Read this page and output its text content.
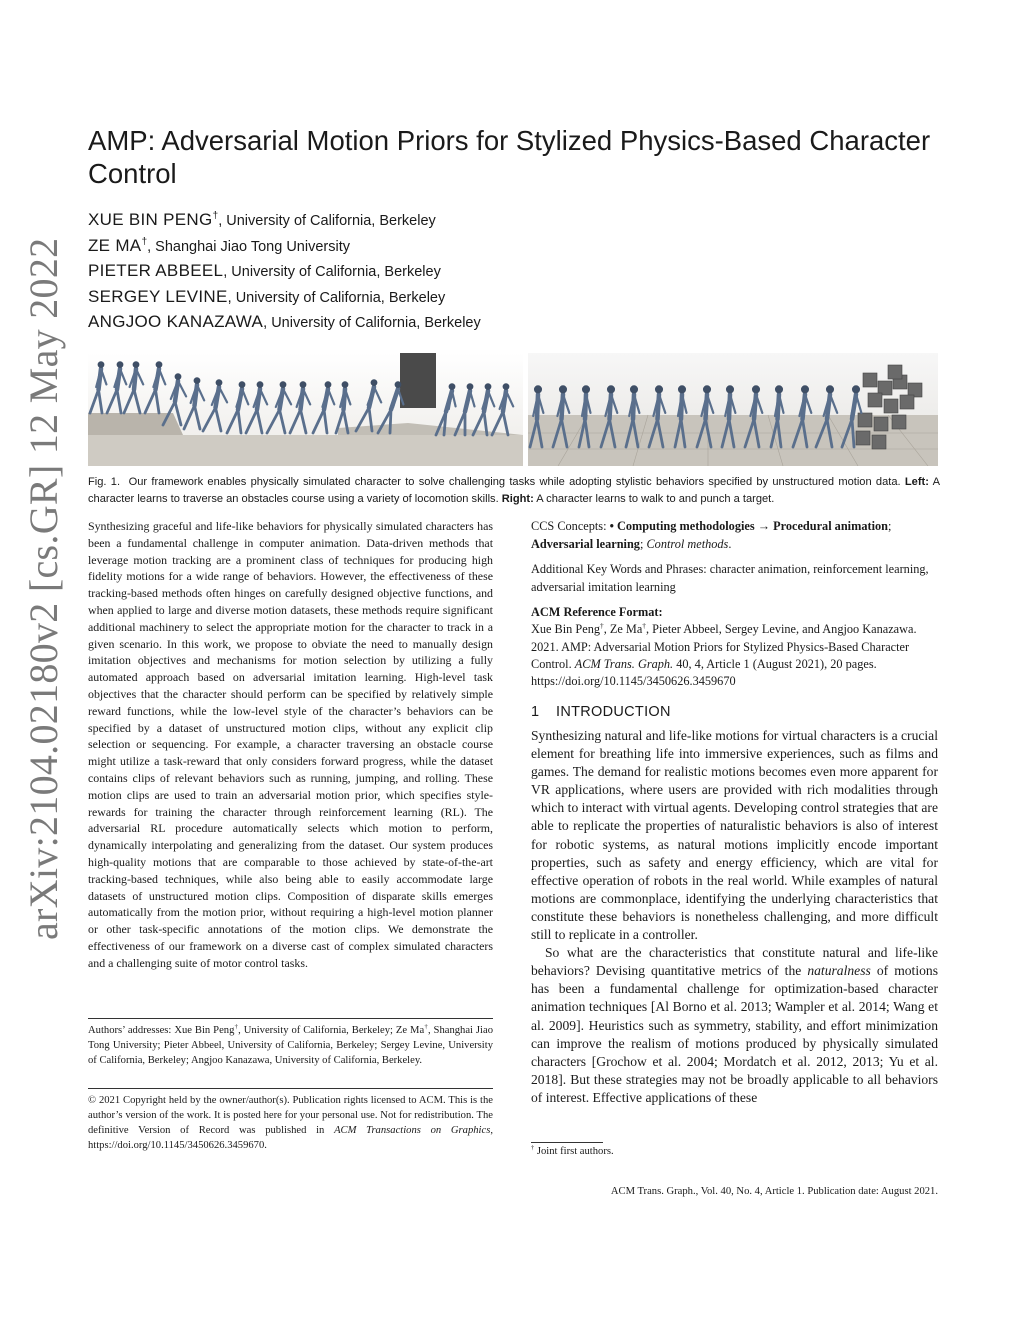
arXiv:2104.02180v2 [cs.GR] 12 May 2022
AMP: Adversarial Motion Priors for Stylized Physics-Based Character Control
XUE BIN PENG†, University of California, Berkeley
ZE MA†, Shanghai Jiao Tong University
PIETER ABBEEL, University of California, Berkeley
SERGEY LEVINE, University of California, Berkeley
ANGJOO KANAZAWA, University of California, Berkeley
Fig. 1. Our framework enables physically simulated character to solve challenging tasks while adopting stylistic behaviors specified by unstructured motion data. Left: A character learns to traverse an obstacles course using a variety of locomotion skills. Right: A character learns to walk to and punch a target.
Synthesizing graceful and life-like behaviors for physically simulated characters has been a fundamental challenge in computer animation. Data-driven methods that leverage motion tracking are a prominent class of techniques for producing high fidelity motions for a wide range of behaviors. However, the effectiveness of these tracking-based methods often hinges on carefully designed objective functions, and when applied to large and diverse motion datasets, these methods require significant additional machinery to select the appropriate motion for the character to track in a given scenario. In this work, we propose to obviate the need to manually design imitation objectives and mechanisms for motion selection by utilizing a fully automated approach based on adversarial imitation learning. High-level task objectives that the character should perform can be specified by relatively simple reward functions, while the low-level style of the character’s behaviors can be specified by a dataset of unstructured motion clips, without any explicit clip selection or sequencing. For example, a character traversing an obstacle course might utilize a task-reward that only considers forward progress, while the dataset contains clips of relevant behaviors such as running, jumping, and rolling. These motion clips are used to train an adversarial motion prior, which specifies style-rewards for training the character through reinforcement learning (RL). The adversarial RL procedure automatically selects which motion to perform, dynamically interpolating and generalizing from the dataset. Our system produces high-quality motions that are comparable to those achieved by state-of-the-art tracking-based techniques, while also being able to easily accommodate large datasets of unstructured motion clips. Composition of disparate skills emerges automatically from the motion prior, without requiring a high-level motion planner or other task-specific annotations of the motion clips. We demonstrate the effectiveness of our framework on a diverse cast of complex simulated characters and a challenging suite of motor control tasks.
Authors’ addresses: Xue Bin Peng†, University of California, Berkeley; Ze Ma†, Shanghai Jiao Tong University; Pieter Abbeel, University of California, Berkeley; Sergey Levine, University of California, Berkeley; Angjoo Kanazawa, University of California, Berkeley.
© 2021 Copyright held by the owner/author(s). Publication rights licensed to ACM. This is the author’s version of the work. It is posted here for your personal use. Not for redistribution. The definitive Version of Record was published in ACM Transactions on Graphics, https://doi.org/10.1145/3450626.3459670.
CCS Concepts: • Computing methodologies → Procedural animation; Adversarial learning; Control methods.
Additional Key Words and Phrases: character animation, reinforcement learning, adversarial imitation learning
ACM Reference Format:
Xue Bin Peng†, Ze Ma†, Pieter Abbeel, Sergey Levine, and Angjoo Kanazawa. 2021. AMP: Adversarial Motion Priors for Stylized Physics-Based Character Control. ACM Trans. Graph. 40, 4, Article 1 (August 2021), 20 pages. https://doi.org/10.1145/3450626.3459670
1 INTRODUCTION

Synthesizing natural and life-like motions for virtual characters is a crucial element for breathing life into immersive experiences, such as films and games. The demand for realistic motions becomes even more apparent for VR applications, where users are provided with rich modalities through which to interact with virtual agents. Developing control strategies that are able to replicate the properties of naturalistic behaviors is also of interest for robotic systems, as natural motions implicitly encode important properties, such as safety and energy efficiency, which are vital for effective operation of robots in the real world. While examples of natural motions are commonplace, identifying the underlying characteristics that constitute these behaviors is nonetheless challenging, and more difficult still to replicate in a controller.

So what are the characteristics that constitute natural and life-like behaviors? Devising quantitative metrics of the naturalness of motions has been a fundamental challenge for optimization-based character animation techniques [Al Borno et al. 2013; Wampler et al. 2014; Wang et al. 2009]. Heuristics such as symmetry, stability, and effort minimization can improve the realism of motions produced by physically simulated characters [Grochow et al. 2004; Mordatch et al. 2012, 2013; Yu et al. 2018]. But these strategies may not be broadly applicable to all behaviors of interest. Effective applications of these

† Joint first authors.
ACM Trans. Graph., Vol. 40, No. 4, Article 1. Publication date: August 2021.
